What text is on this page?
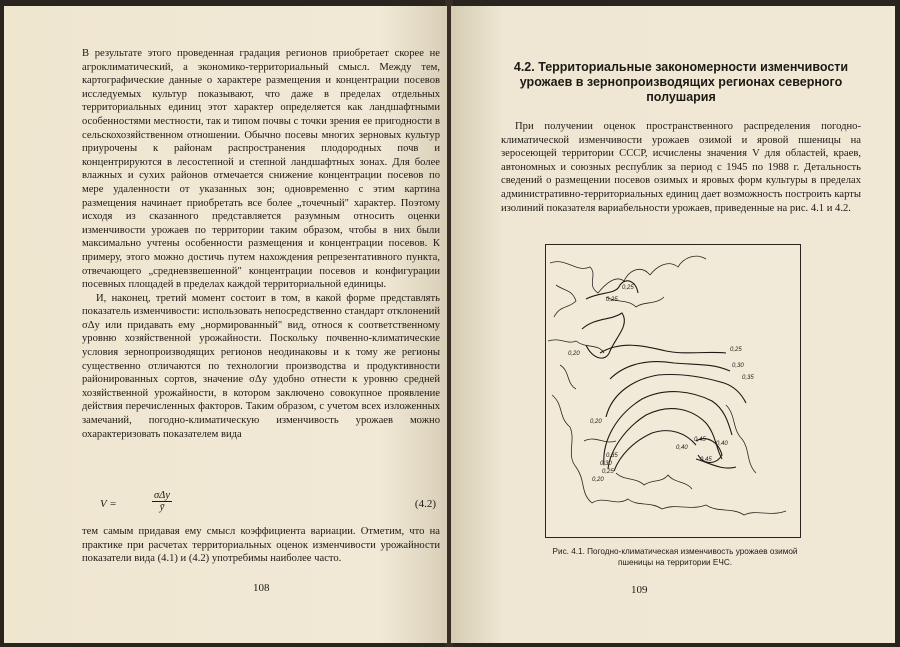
В результате этого проведенная градация регионов приобретает скорее не агроклиматический, а экономико-территориальный смысл. Между тем, картографические данные о характере размещения и концентрации посевов исследуемых культур показывают, что даже в пределах отдельных территориальных единиц этот характер определяется как ландшафтными особенностями местности, так и типом почвы с точки зрения ее пригодности в сельскохозяйственном отношении. Обычно посевы многих зерновых культур приурочены к районам распространения плодородных почв и концентрируются в лесостепной и степной ландшафтных зонах. Для более влажных и сухих районов отмечается снижение концентрации посевов по мере удаленности от указанных зон; одновременно с этим картина размещения начинает приобретать все более „точечный" характер. Поэтому исходя из сказанного представляется разумным относить оценки изменчивости урожаев по территории таким образом, чтобы в них были максимально учтены особенности размещения и концентрации посевов. К примеру, этого можно достичь путем нахождения репрезентативного пункта, отвечающего „средневзвешенной" концентрации посевов и конфигурации посевных площадей в пределах каждой территориальной единицы.

И, наконец, третий момент состоит в том, в какой форме представлять показатель изменчивости: использовать непосредственно стандарт отклонений σΔy или придавать ему „нормированный" вид, относя к соответственному уровню хозяйственной урожайности. Поскольку почвенно-климатические условия зернопроизводящих регионов неодинаковы и к тому же регионы существенно отличаются по технологии производства и продуктивности районированных сортов, значение σΔy удобно отнести к уровню средней хозяйственной урожайности, в котором заключено совокупное проявление действия перечисленных факторов. Таким образом, с учетом всех изложенных замечаний, погодно-климатическую изменчивость урожаев можно охарактеризовать показателем вида

V =
σΔy
ȳ	(4.2)

тем самым придавая ему смысл коэффициента вариации. Отметим, что на практике при расчетах территориальных оценок изменчивости урожайности показатели вида (4.1) и (4.2) употребимы наиболее часто.

108
4.2. Территориальные закономерности изменчивости урожаев в зернопроизводящих регионах северного полушария

При получении оценок пространственного распределения погодно-климатической изменчивости урожаев озимой и яровой пшеницы на зеросеющей территории СССР, исчислены значения V для областей, краев, автономных и союзных республик за период с 1945 по 1988 г. Детальность сведений о размещении посевов озимых и яровых форм культуры в пределах административно-территориальных единиц дает возможность построить карты изолиний показателя вариабельности урожаев, приведенные на рис. 4.1 и 4.2.

0,25
0,25
0,20
0,25
0,30
0,35
0,20
0,35
0,30
0,25
0,20
0,40
0,45
0,40
0,45
Рис. 4.1. Погодно-климатическая изменчивость урожаев озимой пшеницы на территории ЕЧС.
109
